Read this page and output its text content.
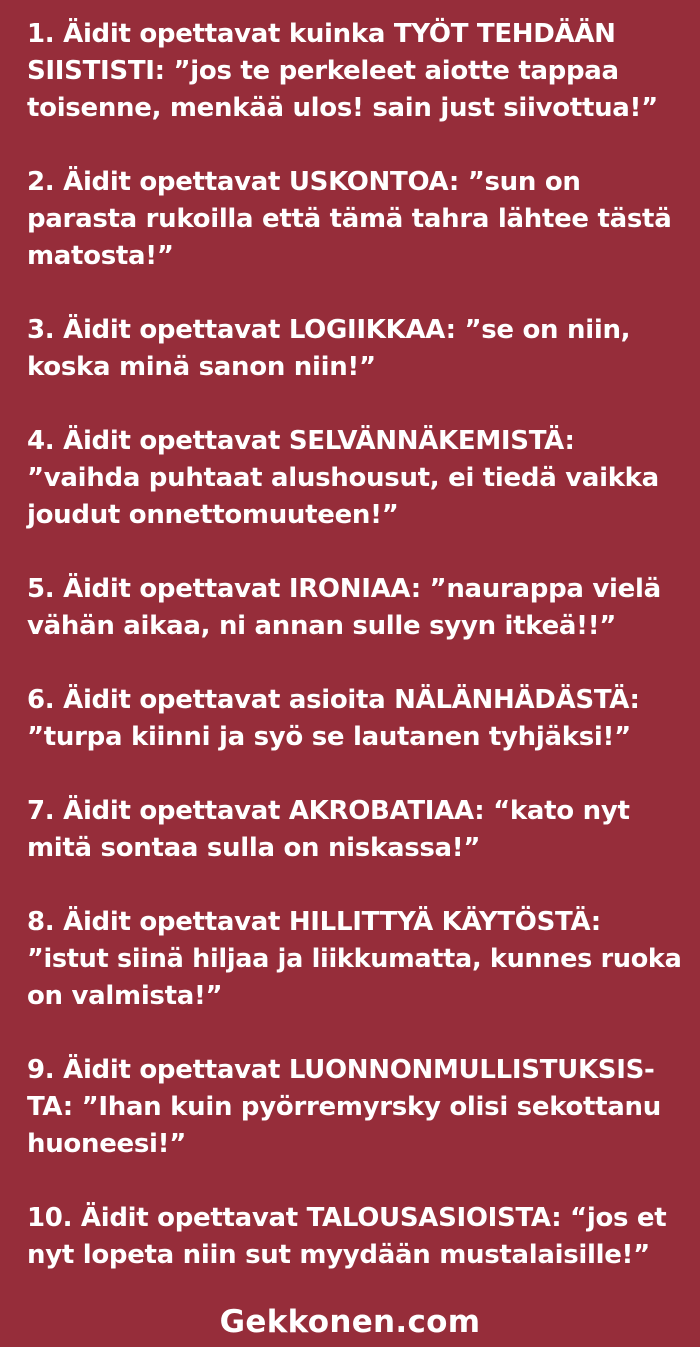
1. Äidit opettavat kuinka TYÖT TEHDÄÄN
SIISTISTI: ”jos te perkeleet aiotte tappaa
toisenne, menkää ulos! sain just siivottua!”
2. Äidit opettavat USKONTOA: ”sun on
parasta rukoilla että tämä tahra lähtee tästä
matosta!”
3. Äidit opettavat LOGIIKKAA: ”se on niin,
koska minä sanon niin!”
4. Äidit opettavat SELVÄNNÄKEMISTÄ:
”vaihda puhtaat alushousut, ei tiedä vaikka
joudut onnettomuuteen!”
5. Äidit opettavat IRONIAA: ”naurappa vielä
vähän aikaa, ni annan sulle syyn itkeä!!”
6. Äidit opettavat asioita NÄLÄNHÄDÄSTÄ:
”turpa kiinni ja syö se lautanen tyhjäksi!”
7. Äidit opettavat AKROBATIAA: “kato nyt
mitä sontaa sulla on niskassa!”
8. Äidit opettavat HILLITTYÄ KÄYTÖSTÄ:
”istut siinä hiljaa ja liikkumatta, kunnes ruoka
on valmista!”
9. Äidit opettavat LUONNONMULLISTUKSIS-
TA: ”Ihan kuin pyörremyrsky olisi sekottanu
huoneesi!”
10. Äidit opettavat TALOUSASIOISTA: “jos et
nyt lopeta niin sut myydään mustalaisille!”
Gekkonen.com
